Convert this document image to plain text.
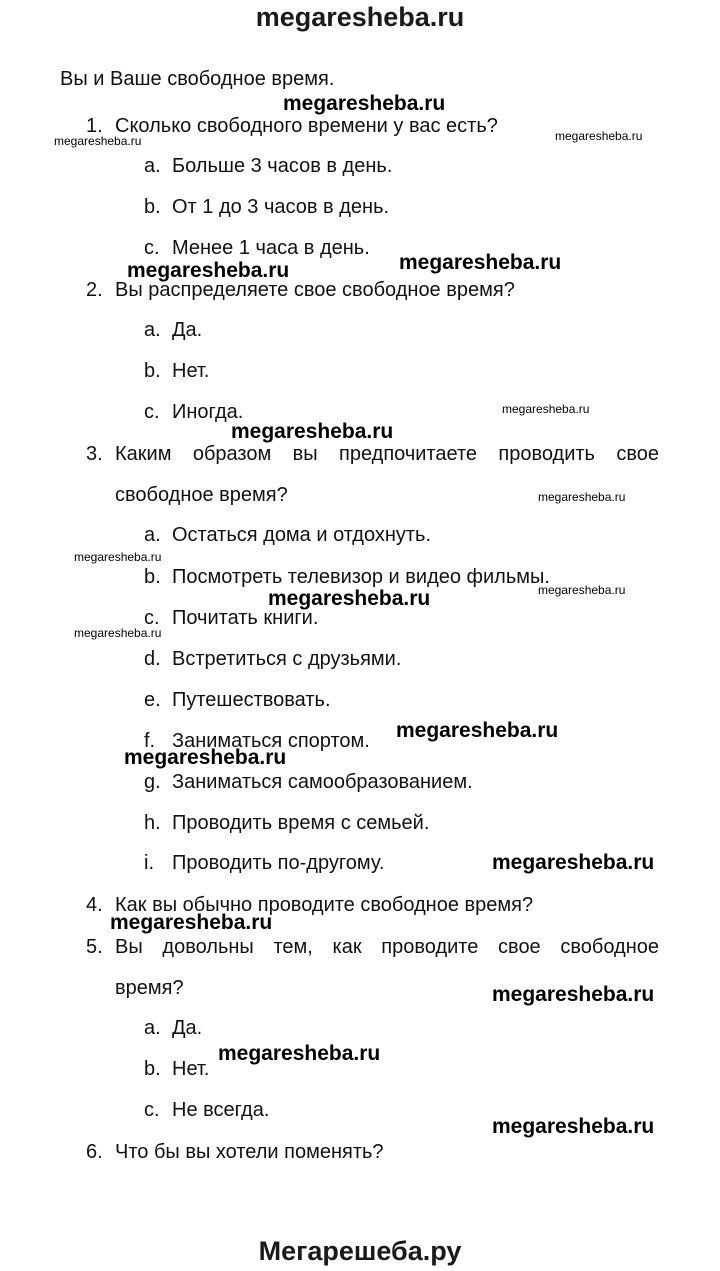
megaresheba.ru
Вы и Ваше свободное время.
1. Сколько свободного времени у вас есть?
a. Больше 3 часов в день.
b. От 1 до 3 часов в день.
c. Менее 1 часа в день.
2. Вы распределяете свое свободное время?
a. Да.
b. Нет.
c. Иногда.
3. Каким образом вы предпочитаете проводить свое
свободное время?
a. Остаться дома и отдохнуть.
b. Посмотреть телевизор и видео фильмы.
c. Почитать книги.
d. Встретиться с друзьями.
e. Путешествовать.
f. Заниматься спортом.
g. Заниматься самообразованием.
h. Проводить время с семьей.
i. Проводить по-другому.
4. Как вы обычно проводите свободное время?
5. Вы довольны тем, как проводите свое свободное
время?
a. Да.
b. Нет.
c. Не всегда.
6. Что бы вы хотели поменять?
megaresheba.ru
megaresheba.ru	megaresheba.ru
megaresheba.ru	megaresheba.ru
megaresheba.ru
megaresheba.ru
megaresheba.ru
megaresheba.ru
megaresheba.ru
megaresheba.ru
megaresheba.ru
megaresheba.ru
megaresheba.ru
megaresheba.ru
megaresheba.ru
megaresheba.ru
megaresheba.ru
megaresheba.ru
Мегарешеба.ру
